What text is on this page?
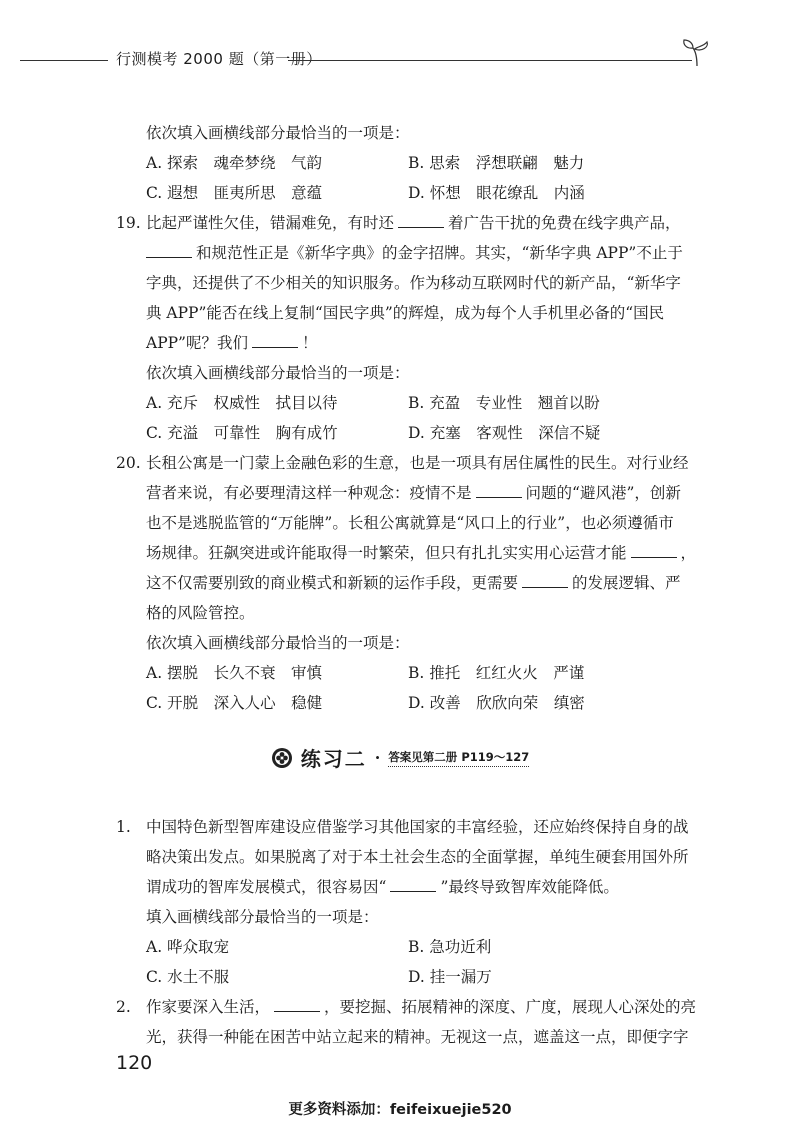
行测模考 2000 题（第一册）
依次填入画横线部分最恰当的一项是：
A. 探索　魂牵梦绕　气韵	B. 思索　浮想联翩　魅力
C. 遐想　匪夷所思　意蕴	D. 怀想　眼花缭乱　内涵
19. 比起严谨性欠佳，错漏难免，有时还	着广告干扰的免费在线字典产品，
和规范性正是《新华字典》的金字招牌。其实，“新华字典 APP”不止于
字典，还提供了不少相关的知识服务。作为移动互联网时代的新产品，“新华字
典 APP”能否在线上复制“国民字典”的辉煌，成为每个人手机里必备的“国民
APP”呢？我们	！
依次填入画横线部分最恰当的一项是：
A. 充斥　权威性　拭目以待	B. 充盈　专业性　翘首以盼
C. 充溢　可靠性　胸有成竹	D. 充塞　客观性　深信不疑
20. 长租公寓是一门蒙上金融色彩的生意，也是一项具有居住属性的民生。对行业经
营者来说，有必要理清这样一种观念：疫情不是	问题的“避风港”，创新
也不是逃脱监管的“万能牌”。长租公寓就算是“风口上的行业”，也必须遵循市
场规律。狂飙突进或许能取得一时繁荣，但只有扎扎实实用心运营才能	，
这不仅需要别致的商业模式和新颖的运作手段，更需要	的发展逻辑、严
格的风险管控。
依次填入画横线部分最恰当的一项是：
A. 摆脱　长久不衰　审慎	B. 推托　红红火火　严谨
C. 开脱　深入人心　稳健	D. 改善　欣欣向荣　缜密
练习二 · 答案见第二册 P119～127
1. 中国特色新型智库建设应借鉴学习其他国家的丰富经验，还应始终保持自身的战
略决策出发点。如果脱离了对于本土社会生态的全面掌握，单纯生硬套用国外所
谓成功的智库发展模式，很容易因“	”最终导致智库效能降低。
填入画横线部分最恰当的一项是：
A. 哗众取宠	B. 急功近利
C. 水土不服	D. 挂一漏万
2. 作家要深入生活，	，要挖掘、拓展精神的深度、广度，展现人心深处的亮
光，获得一种能在困苦中站立起来的精神。无视这一点，遮盖这一点，即便字字
120
更多资料添加：feifeixuejie520
